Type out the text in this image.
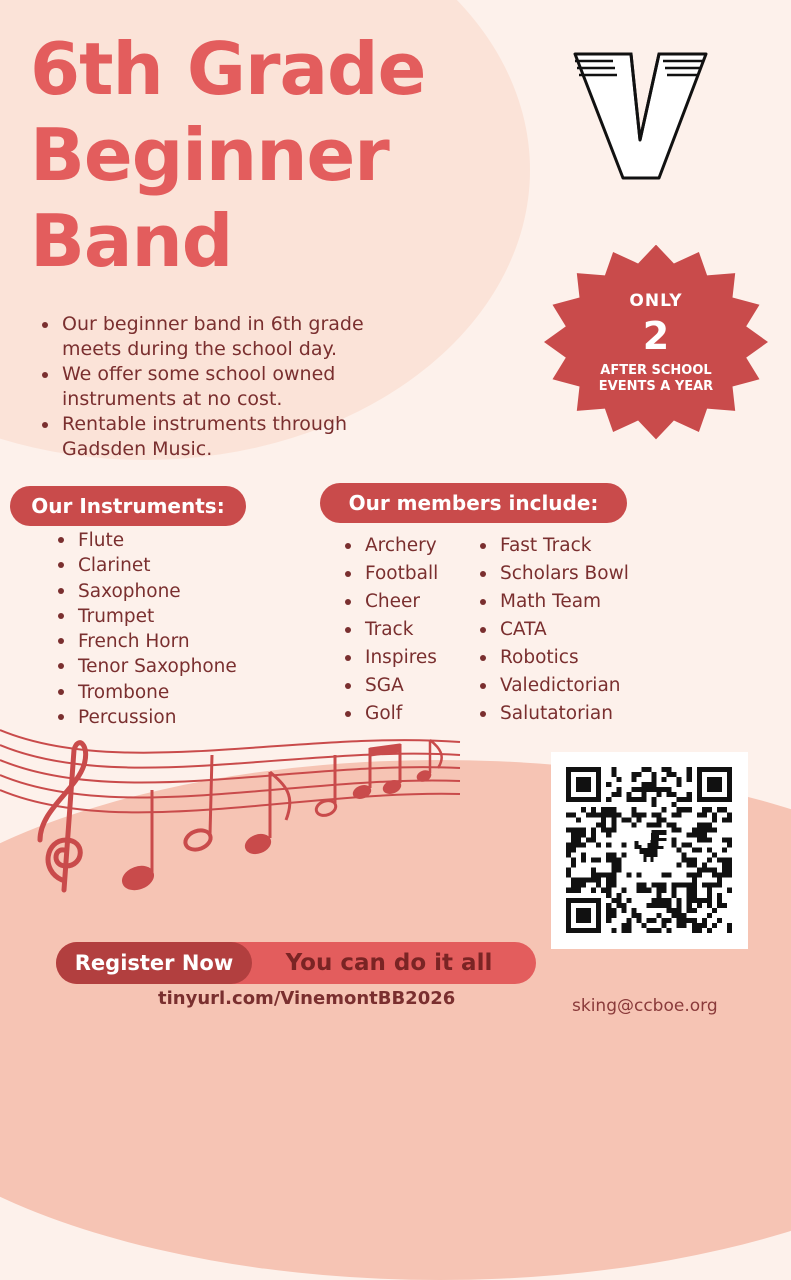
6th Grade
Beginner
Band
ONLY
2
AFTER SCHOOL
EVENTS A YEAR
Our beginner band in 6th grade meets during the school day.
We offer some school owned instruments at no cost.
Rentable instruments through Gadsden Music.
Our Instruments:	Our members include:
Flute
Clarinet
Saxophone
Trumpet
French Horn
Tenor Saxophone
Trombone
Percussion
Archery
Football
Cheer
Track
Inspires
SGA
Golf
Fast Track
Scholars Bowl
Math Team
CATA
Robotics
Valedictorian
Salutatorian
Register Now	You can do it all
tinyurl.com/VinemontBB2026	sking@ccboe.org
